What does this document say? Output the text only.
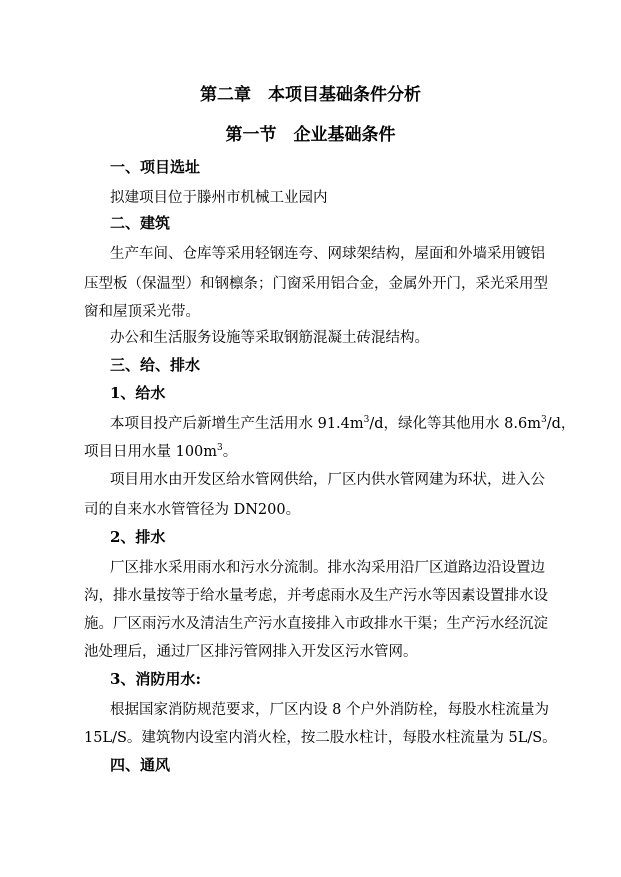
第二章　本项目基础条件分析
第一节　企业基础条件
一、项目选址
拟建项目位于滕州市机械工业园内
二、建筑
生产车间、仓库等采用轻钢连夸、网球架结构，屋面和外墙采用镀铝
压型板（保温型）和钢檩条；门窗采用铝合金，金属外开门，采光采用型
窗和屋顶采光带。
办公和生活服务设施等采取钢筋混凝土砖混结构。
三、给、排水
1、给水
本项目投产后新增生产生活用水 $91.4m^3/d$，绿化等其他用水 $8.6m^3/d$，
项目日用水量 $100m^3$。
项目用水由开发区给水管网供给，厂区内供水管网建为环状，进入公
司的自来水水管管径为 DN200。
2、排水
厂区排水采用雨水和污水分流制。排水沟采用沿厂区道路边沿设置边
沟，排水量按等于给水量考虑，并考虑雨水及生产污水等因素设置排水设
施。厂区雨污水及清洁生产污水直接排入市政排水干渠；生产污水经沉淀
池处理后，通过厂区排污管网排入开发区污水管网。
3、消防用水:
根据国家消防规范要求，厂区内设 8 个户外消防栓，每股水柱流量为
15L/S。建筑物内设室内消火栓，按二股水柱计，每股水柱流量为 5L/S。
四、通风
